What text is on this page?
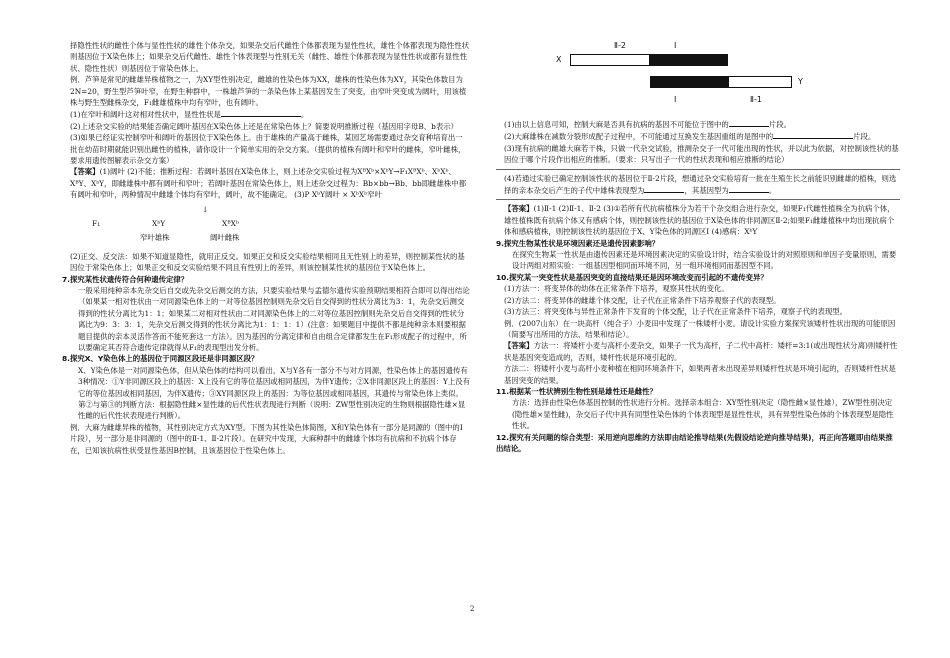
择隐性性状的雌性个体与显性性状的雄性个体杂交，如果杂交后代雌性个体都表现为显性性状，雄性个体都表现为隐性性状则基因位于X染色体上；如果杂交后代雌性、雄性个体表现型与性别无关（雌性、雄性个体都表现为显性性状或都有显性性状、隐性性状）则基因位于常染色体上。

例．芦笋是常见的雌雄异株植物之一，为XY型性别决定，雌雄的性染色体为XX，雄株的性染色体为XY，其染色体数目为2N=20，野生型芦笋叶窄，在野生种群中，一株雄芦笋的一条染色体上某基因发生了突变，由窄叶突变成为阔叶，用该植株与野生型雌株杂交，F₁雌雄植株中均有窄叶，也有阔叶。

(1)在窄叶和阔叶这对相对性状中，显性性状是	。

(2)上述杂交实验的结果能否确定阔叶基因在X染色体上还是在常染色体上？简要说明推断过程（基因用字母B、b表示）

(3)如果已经证实控制窄叶和阔叶的基因位于X染色体上。由于雄株的产量高于雌株，某园艺场需要通过杂交育种培育出一批在幼苗时期就能识别出雌性的植株，请你设计一个简单实用的杂交方案。（提供的植株有阔叶和窄叶的雌株，窄叶雌株，要求用遗传图解表示杂交方案）

【答案】(1)阔叶 (2)不能；推断过程：若阔叶基因在X染色体上，则上述杂交实验过程为XᴮXᵇ×XᵇY→F₁XᴮXᵇ、XᵇXᵇ、XᴮY、XᵇY，即雌雄株中都有阔叶和窄叶；若阔叶基因在常染色体上，则上述杂交过程为：Bb×bb→Bb、bb即雌雄株中都有阔叶和窄叶，两种情况中雌雄个体均有窄叶，阔叶，故不能确定。 (3)P XᵇY阔叶 × XᵇXᵇ窄叶

↓
F₁	XᵇY	XᴮXᵇ
窄叶雄株	阔叶雌株

(2)正交、反交法：如果不知道显隐性，就用正反交。如果正交和反交实验结果相同且无性别上的差异，则控制某性状的基因位于常染色体上；如果正交和反交实验结果不同且有性别上的差异，则该控制某性状的基因位于X染色体上。

7.探究某性状遗传符合何种遗传定律？

一般采用纯种亲本先杂交后自交或先杂交后测交的方法，只要实验结果与孟德尔遗传实验预期结果相符合即可以得出结论（如果某一相对性状由一对同源染色体上的一对等位基因控制则先杂交后自交得到的性状分离比为3：1，先杂交后测交得到的性状分离比为1：1；如果某二对相对性状由二对同源染色体上的二对等位基因控制则先杂交后自交得到的性状分离比为9：3：3：1，先杂交后测交得到的性状分离比为1：1：1：1）(注意：如果题目中提供不都是纯种亲本则要根据题目提供的亲本灵活作答而不能死套这一方法）。因为基因的分离定律和自由组合定律都发生在F₁形成配子的过程中，所以要确定其否符合遗传定律就得从F₁的表现型出发分析。

8.探究X、Y染色体上的基因位于同源区段还是非同源区段？

X、Y染色体是一对同源染色体，但从染色体的结构可以看出，X与Y各有一部分不与对方同源，性染色体上的基因遗传有3种情况：①Y非同源区段上的基因：X上没有它的等位基因或相同基因，为伴Y遗传；②X非同源区段上的基因：Y上没有它的等位基因或相同基因，为伴X遗传；③XY同源区段上的基因：为等位基因或相同基因，其遗传与常染色体上类似。第②与第③的判断方法：根据隐性雌×显性雄的后代性状表现进行判断（说明：ZW型性别决定的生物则根据隐性雄×显性雌的后代性状表现进行判断）。

例．大麻为雌雄异株的植物，其性别决定方式为XY型。下图为其性染色体简图，X和Y染色体有一部分是同源的（图中的I片段），另一部分是非同源的（图中的Ⅱ-1、Ⅱ-2片段）。在研究中发现，大麻种群中的雌雄个体均有抗病和不抗病个体存在，已知该抗病性状受显性基因B控制，且该基因位于性染色体上。

X
Ⅱ-2	I
Y
I	Ⅱ-1

(1)由以上信息可知，控制大麻是否具有抗病的基因不可能位于图中的	片段。

(2)大麻雄株在减数分裂形成配子过程中，不可能通过互换发生基因重组的是图中的	片段。

(3)现有抗病的雌雄大麻若干株，只做一代杂交试验，推测杂交子一代可能出现的性状，并以此为依据，对控制该性状的基因位于哪个片段作出相应的推断。（要求：只写出子一代的性状表现和相应推断的结论）

(4)若通过实验已确定控制该性状的基因位于Ⅱ-2片段，想通过杂交实验培育一批在生殖生长之前能识别雌雄的植株，则选择的亲本杂交后产生的子代中雄株表现型为	，其基因型为	。

【答案】(1)Ⅱ-1 (2)Ⅱ-1、Ⅱ-2 (3)①若所有代抗病植株分为若干个杂交组合进行杂交，如果F₁代雌性植株全为抗病个体，雄性植株既有抗病个体又有感病个体，则控制该性状的基因位于X染色体的非同源区Ⅱ-2;如果F₁雌雄植株中均出现抗病个体和感病植株，则控制该性状的基因位于X、Y染色体的同源区Ⅰ (4)感病：XᵇY

9.探究生物某性状是环境因素还是遗传因素影响？

在探究生物某一性状是由遗传因素还是环境因素决定的实验设计时，结合实验设计的对照原则和单因子变量原则，需要设计两组对照实验：一组基因型相同而环境不同，另一组环境相同而基因型不同。

10.探究某一突变性状是基因突变的直接结果还是因环境改变而引起的不遗传变异？

(1)方法一：将变异体的幼体在正常条件下培养，观察其性状的变化。

(2)方法二：将变异体的雌雄个体交配，让子代在正常条件下培养观察子代的表现型。

(3)方法三：将突变体与异性正常条件下发育的个体交配，让子代在正常条件下培养，观察子代的表现型。

例．(2007山东）在一块高杆（纯合子）小麦田中发现了一株矮杆小麦。请设计实验方案探究该矮杆性状出现的可能原因（简要写出所用的方法、结果和结论）。

【答案】方法一：将矮杆小麦与高杆小麦杂交，如果子一代为高杆，子二代中高杆：矮杆=3:1(或出现性状分离)则矮杆性状是基因突变造成的，否则，矮杆性状是环境引起的。

方法二：将矮杆小麦与高杆小麦种植在相同环境条件下，如果两者未出现差异则矮杆性状是环境引起的，否则矮杆性状是基因突变的结果。

11.根据某一性状辨别生物性别是雄性还是雌性？

方法：选择由性染色体基因控制的性状进行分析。选择亲本组合：XY型性别决定（隐性雌×显性雄），ZW型性别决定(隐性雄×显性雌)，杂交后子代中具有同型性染色体的个体表现型是显性性状，具有异型性染色体的个体表现型是隐性性状。

12.探究有关问题的综合类型：采用逆向思维的方法即由结论推导结果(先假设结论逆向推导结果)，再正向答题即由结果推出结论。

2
